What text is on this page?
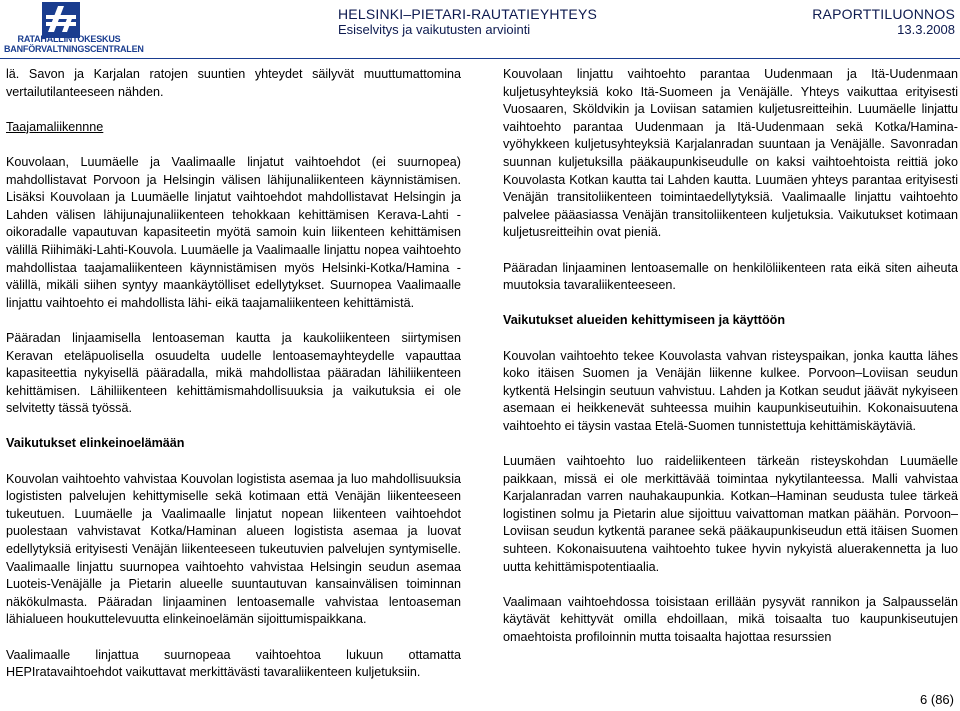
RATAHALLINTOKESKUS
BANFÖRVALTNINGSCENTRALEN
HELSINKI–PIETARI-RAUTATIEYHTEYS
Esiselvitys ja vaikutusten arviointi
RAPORTTILUONNOS
13.3.2008

lä. Savon ja Karjalan ratojen suuntien yhteydet säilyvät muuttumattomina vertailutilanteeseen nähden.

Taajamaliikennne

Kouvolaan, Luumäelle ja Vaalimaalle linjatut vaihtoehdot (ei suurnopea) mahdollistavat Porvoon ja Helsingin välisen lähijunaliikenteen käynnistämisen. Lisäksi Kouvolaan ja Luumäelle linjatut vaihtoehdot mahdollistavat Helsingin ja Lahden välisen lähijunajunaliikenteen tehokkaan kehittämisen Kerava-Lahti -oikoradalle vapautuvan kapasiteetin myötä samoin kuin liikenteen kehittämisen välillä Riihimäki-Lahti-Kouvola. Luumäelle ja Vaalimaalle linjattu nopea vaihtoehto mahdollistaa taajamaliikenteen käynnistämisen myös Helsinki-Kotka/Hamina -välillä, mikäli siihen syntyy maankäytölliset edellytykset. Suurnopea Vaalimaalle linjattu vaihtoehto ei mahdollista lähi- eikä taajamaliikenteen kehittämistä.

Pääradan linjaamisella lentoaseman kautta ja kaukoliikenteen siirtymisen Keravan eteläpuolisella osuudelta uudelle lentoasemayhteydelle vapauttaa kapasiteettia nykyisellä pääradalla, mikä mahdollistaa pääradan lähiliikenteen kehittämisen. Lähiliikenteen kehittämismahdollisuuksia ja vaikutuksia ei ole selvitetty tässä työssä.

Vaikutukset elinkeinoelämään

Kouvolan vaihtoehto vahvistaa Kouvolan logistista asemaa ja luo mahdollisuuksia logististen palvelujen kehittymiselle sekä kotimaan että Venäjän liikenteeseen tukeutuen. Luumäelle ja Vaalimaalle linjatut nopean liikenteen vaihtoehdot puolestaan vahvistavat Kotka/Haminan aluееn logistista asemaa ja luovat edellytyksiä erityisesti Venäjän liikenteeseen tukeutuvien palvelujen syntymiselle. Vaalimaalle linjattu suurnopea vaihtoehto vahvistaa Helsingin seudun asemaa Luoteis-Venäjälle ja Pietarin alueelle suuntautuvan kansainvälisen toiminnan näkökulmasta. Pääradan linjaaminen lentoasemalle vahvistaa lentoaseman lähialueen houkuttelevuutta elinkeinoelämän sijoittumispaikkana.

Vaalimaalle linjattua suurnopeaa vaihtoehtoa lukuun ottamatta HEPIratavaihtoehdot vaikuttavat merkittävästi tavaraliikenteen kuljetuksiin.

Kouvolaan linjattu vaihtoehto parantaa Uudenmaan ja Itä-Uudenmaan kuljetusyhteyksiä koko Itä-Suomeen ja Venäjälle. Yhteys vaikuttaa erityisesti Vuosaaren, Sköldvikin ja Loviisan satamien kuljetusreitteihin. Luumäelle linjattu vaihtoehto parantaa Uudenmaan ja Itä-Uudenmaan sekä Kotka/Hamina-vyöhykkeen kuljetusyhteyksiä Karjalanradan suuntaan ja Venäjälle. Savonradan suunnan kuljetuksilla pääkaupunkiseudulle on kaksi vaihtoehtoista reittiä joko Kouvolasta Kotkan kautta tai Lahden kautta. Luumäen yhteys parantaa erityisesti Venäjän transitoliikenteen toimintaedellytyksiä. Vaalimaalle linjattu vaihtoehto palvelee pääasiassa Venäjän transitoliikenteen kuljetuksia. Vaikutukset kotimaan kuljetusreitteihin ovat pieniä.

Pääradan linjaaminen lentoasemalle on henkilöliikenteen rata eikä siten aiheuta muutoksia tavaraliikenteeseen.

Vaikutukset alueiden kehittymiseen ja käyttöön

Kouvolan vaihtoehto tekee Kouvolasta vahvan risteyspaikan, jonka kautta lähes koko itäisen Suomen ja Venäjän liikenne kulkee. Porvoon–Loviisan seudun kytkentä Helsingin seutuun vahvistuu. Lahden ja Kotkan seudut jäävät nykyiseen asemaan ei heikkenevät suhteessa muihin kaupunkiseutuihin. Kokonaisuutena vaihtoehto ei täysin vastaa Etelä-Suomen tunnistettuja kehittämiskäytäviä.

Luumäen vaihtoehto luo raideliikenteen tärkeän risteyskohdan Luumäelle paikkaan, missä ei ole merkittävää toimintaa nykytilanteessa. Malli vahvistaa Karjalanradan varren nauhakaupunkia. Kotkan–Haminan seudusta tulee tärkeä logistinen solmu ja Pietarin alue sijoittuu vaivattoman matkan päähän. Porvoon–Loviisan seudun kytkentä paranee sekä pääkaupunkiseudun että itäisen Suomen suhteen. Kokonaisuutena vaihtoehto tukee hyvin nykyistä aluerakennetta ja luo uutta kehittämispotentiaalia.

Vaalimaan vaihtoehdossa toisistaan erillään pysyvät rannikon ja Salpausselän käytävät kehittyvät omilla ehdoillaan, mikä toisaalta tuo kaupunkiseutujen omaehtoista profiloinnin mutta toisaalta hajottaa resurssien

6 (86)
